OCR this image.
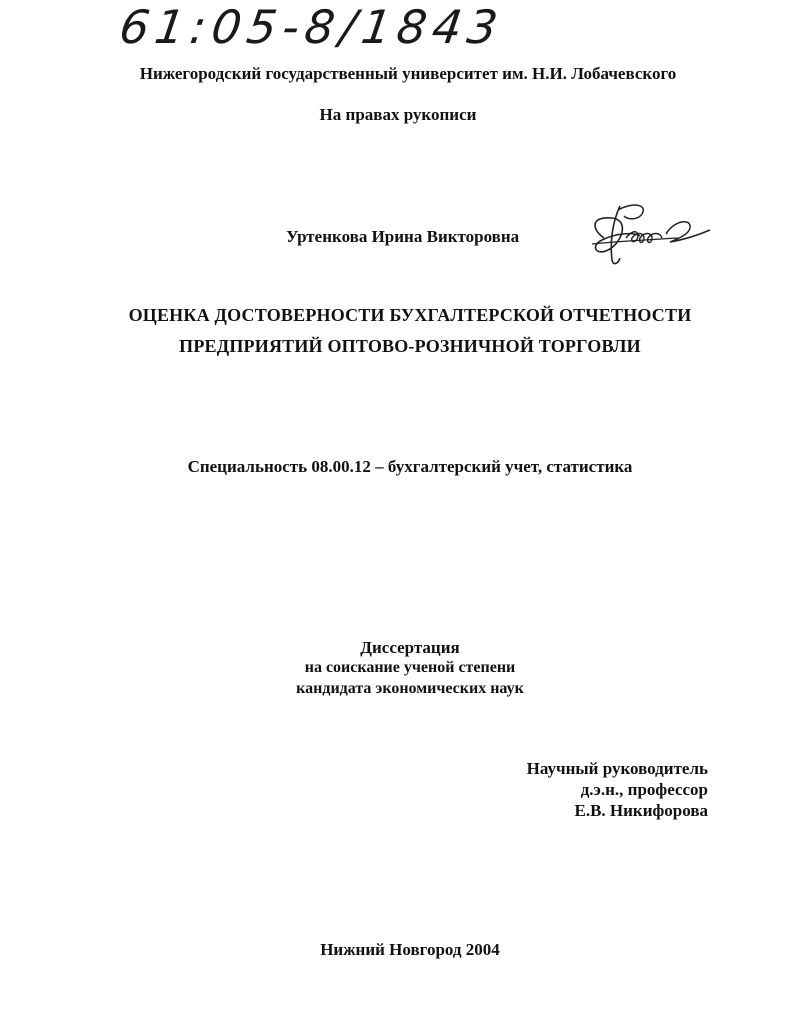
61:05-8/1843
Нижегородский государственный университет им. Н.И. Лобачевского
На правах рукописи
Уртенкова Ирина Викторовна
ОЦЕНКА ДОСТОВЕРНОСТИ БУХГАЛТЕРСКОЙ ОТЧЕТНОСТИ
ПРЕДПРИЯТИЙ ОПТОВО-РОЗНИЧНОЙ ТОРГОВЛИ
Специальность 08.00.12 – бухгалтерский учет, статистика
Диссертация
на соискание ученой степени
кандидата экономических наук
Научный руководитель
д.э.н., профессор
Е.В. Никифорова
Нижний Новгород 2004
